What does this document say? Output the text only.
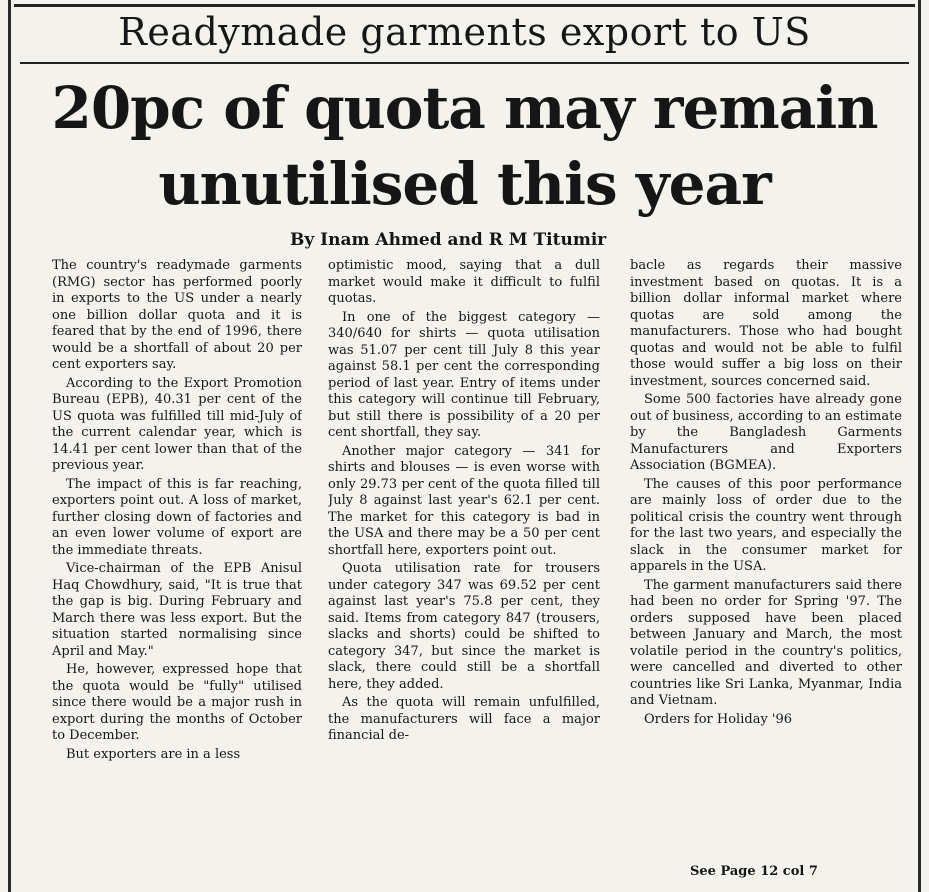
Readymade garments export to US
20pc of quota may remain
unutilised this year
By Inam Ahmed and R M Titumir

The country's readymade garments (RMG) sector has performed poorly in exports to the US under a nearly one billion dollar quota and it is feared that by the end of 1996, there would be a shortfall of about 20 per cent exporters say.

According to the Export Promotion Bureau (EPB), 40.31 per cent of the US quota was fulfilled till mid-July of the current calendar year, which is 14.41 per cent lower than that of the previous year.

The impact of this is far reaching, exporters point out. A loss of market, further closing down of factories and an even lower volume of export are the immediate threats.

Vice-chairman of the EPB Anisul Haq Chowdhury, said, "It is true that the gap is big. During February and March there was less export. But the situation started normalising since April and May."

He, however, expressed hope that the quota would be "fully" utilised since there would be a major rush in export during the months of October to December.

But exporters are in a less

optimistic mood, saying that a dull market would make it difficult to fulfil quotas.

In one of the biggest category — 340/640 for shirts — quota utilisation was 51.07 per cent till July 8 this year against 58.1 per cent the corresponding period of last year. Entry of items under this category will continue till February, but still there is possibility of a 20 per cent shortfall, they say.

Another major category — 341 for shirts and blouses — is even worse with only 29.73 per cent of the quota filled till July 8 against last year's 62.1 per cent. The market for this category is bad in the USA and there may be a 50 per cent shortfall here, exporters point out.

Quota utilisation rate for trousers under category 347 was 69.52 per cent against last year's 75.8 per cent, they said. Items from category 847 (trousers, slacks and shorts) could be shifted to category 347, but since the market is slack, there could still be a shortfall here, they added.

As the quota will remain unfulfilled, the manufacturers will face a major financial de-

bacle as regards their massive investment based on quotas. It is a billion dollar informal market where quotas are sold among the manufacturers. Those who had bought quotas and would not be able to fulfil those would suffer a big loss on their investment, sources concerned said.

Some 500 factories have already gone out of business, according to an estimate by the Bangladesh Garments Manufacturers and Exporters Association (BGMEA).

The causes of this poor performance are mainly loss of order due to the political crisis the country went through for the last two years, and especially the slack in the consumer market for apparels in the USA.

The garment manufacturers said there had been no order for Spring '97. The orders supposed have been placed between January and March, the most volatile period in the country's politics, were cancelled and diverted to other countries like Sri Lanka, Myanmar, India and Vietnam.

Orders for Holiday '96

See Page 12 col 7
